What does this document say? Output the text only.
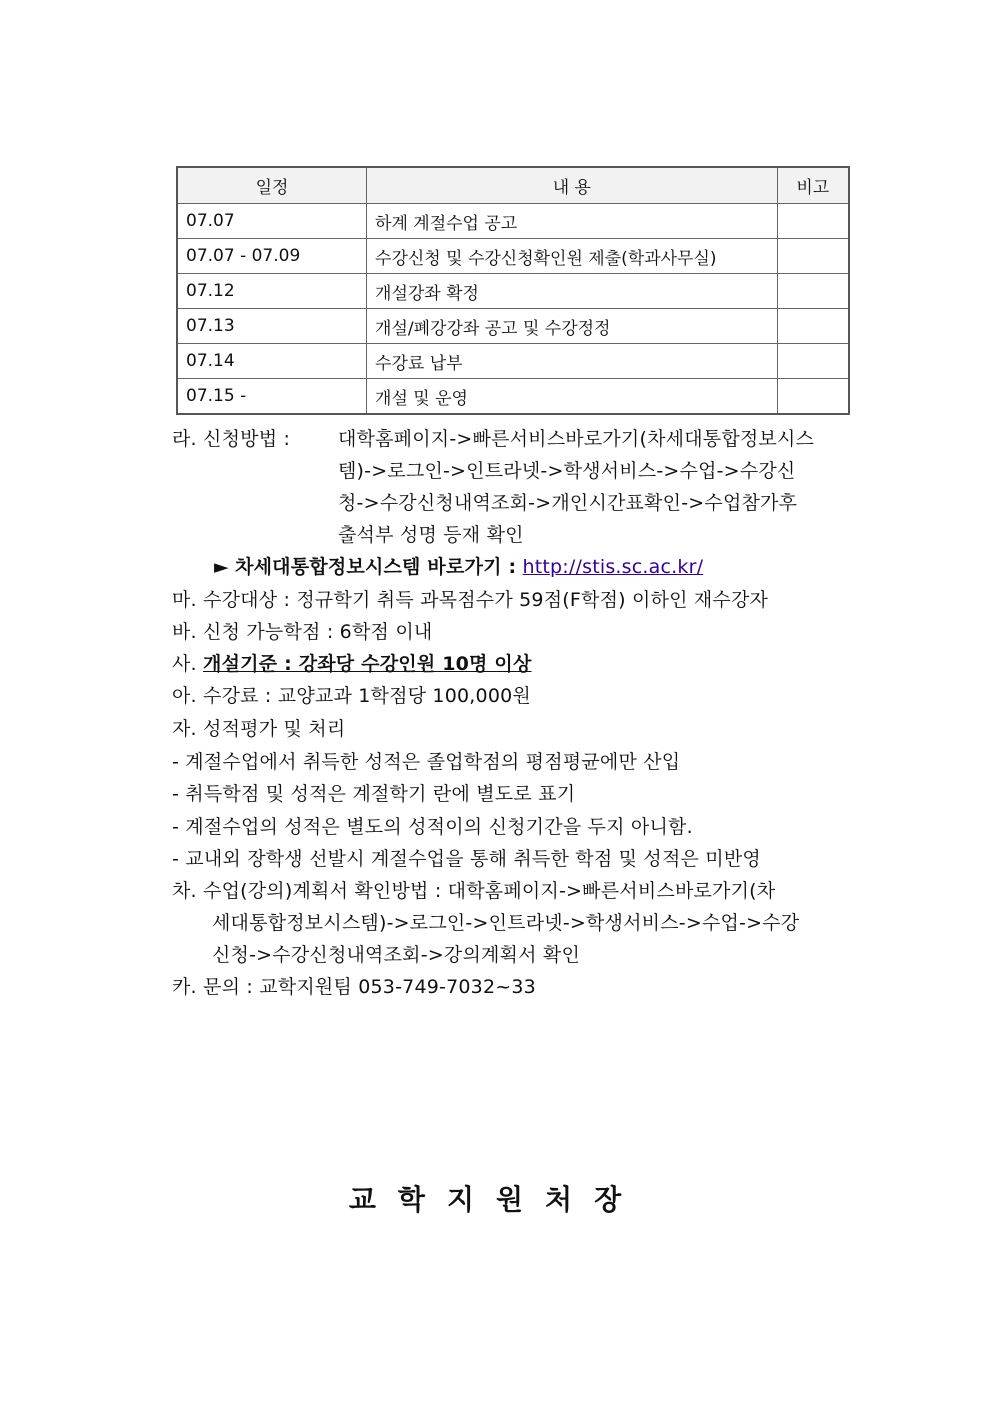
일정	내 용	비고
07.07	하계 계절수업 공고	
07.07 - 07.09	수강신청 및 수강신청확인원 제출(학과사무실)	
07.12	개설강좌 확정	
07.13	개설/폐강강좌 공고 및 수강정정	
07.14	수강료 납부	
07.15 -	개설 및 운영	
라. 신청방법 :	대학홈페이지->빠른서비스바로가기(차세대통합정보시스
템)->로그인->인트라넷->학생서비스->수업->수강신
청->수강신청내역조회->개인시간표확인->수업참가후
출석부 성명 등재 확인
► 차세대통합정보시스템 바로가기 : http://stis.sc.ac.kr/
마. 수강대상 : 정규학기 취득 과목점수가 59점(F학점) 이하인 재수강자
바. 신청 가능학점 : 6학점 이내
사. 개설기준 : 강좌당 수강인원 10명 이상
아. 수강료 : 교양교과 1학점당 100,000원
자. 성적평가 및 처리
- 계절수업에서 취득한 성적은 졸업학점의 평점평균에만 산입
- 취득학점 및 성적은 계절학기 란에 별도로 표기
- 계절수업의 성적은 별도의 성적이의 신청기간을 두지 아니함.
- 교내외 장학생 선발시 계절수업을 통해 취득한 학점 및 성적은 미반영
차. 수업(강의)계획서 확인방법 : 대학홈페이지->빠른서비스바로가기(차
세대통합정보시스템)->로그인->인트라넷->학생서비스->수업->수강
신청->수강신청내역조회->강의계획서 확인
카. 문의 : 교학지원팀 053-749-7032~33
교학지원처장
